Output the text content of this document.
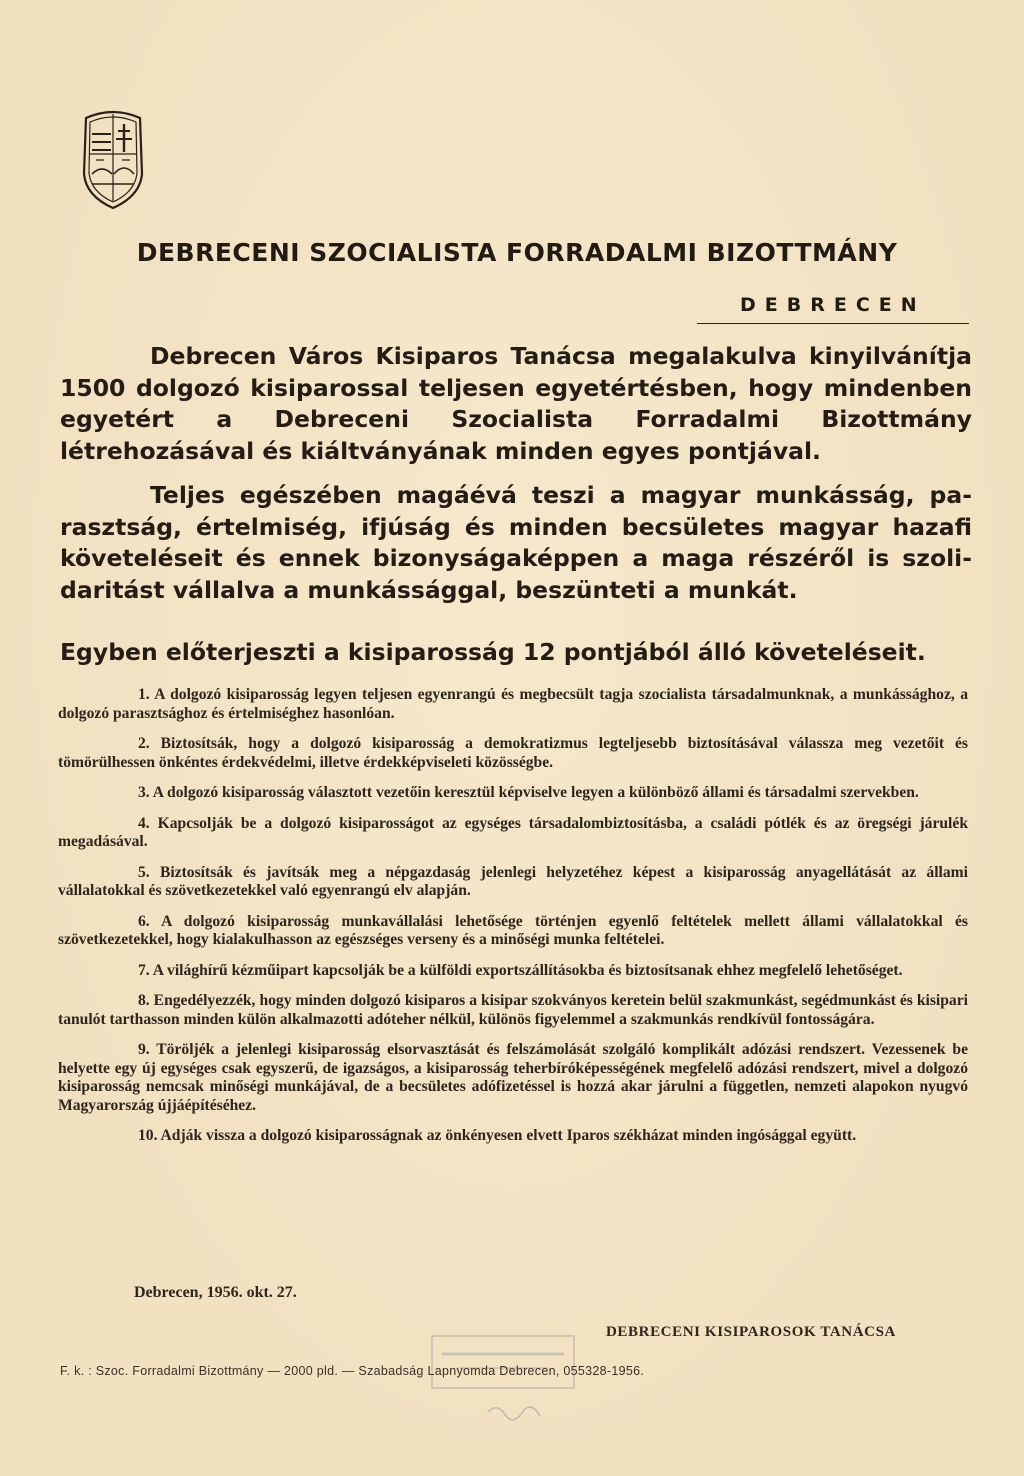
DEBRECENI SZOCIALISTA FORRADALMI BIZOTTMÁNY
DEBRECEN

Debrecen Város Kisiparos Tanácsa megalakulva kinyilvánítja 1500 dolgozó kisiparossal teljesen egyetértésben, hogy mindenben egyetért a Debreceni Szocialista Forradalmi Bizottmány létrehozásával és kiáltványának minden egyes pontjával.

Teljes egészében magáévá teszi a magyar munkásság, parasztság, értelmiség, ifjúság és minden becsületes magyar hazafi követeléseit és ennek bizonyságaképpen a maga részéről is szolidaritást vállalva a munkássággal, beszünteti a munkát.

Egyben előterjeszti a kisiparosság 12 pontjából álló követeléseit.

1. A dolgozó kisiparosság legyen teljesen egyenrangú és megbecsült tagja szocialista társadalmunknak, a munkássághoz, a dolgozó parasztsághoz és értelmiséghez hasonlóan.

2. Biztosítsák, hogy a dolgozó kisiparosság a demokratizmus legteljesebb biztosításával válassza meg vezetőit és tömörülhessen önkéntes érdekvédelmi, illetve érdekképviseleti közösségbe.

3. A dolgozó kisiparosság választott vezetőin keresztül képviselve legyen a különböző állami és társadalmi szervekben.

4. Kapcsolják be a dolgozó kisiparosságot az egységes társadalombiztosításba, a családi pótlék és az öregségi járulék megadásával.

5. Biztosítsák és javítsák meg a népgazdaság jelenlegi helyzetéhez képest a kisiparosság anyagellátását az állami vállalatokkal és szövetkezetekkel való egyenrangú elv alapján.

6. A dolgozó kisiparosság munkavállalási lehetősége történjen egyenlő feltételek mellett állami vállalatokkal és szövetkezetekkel, hogy kialakulhasson az egészséges verseny és a minőségi munka feltételei.

7. A világhírű kézműipart kapcsolják be a külföldi exportszállításokba és biztosítsanak ehhez megfelelő lehetőséget.

8. Engedélyezzék, hogy minden dolgozó kisiparos a kisipar szokványos keretein belül szakmunkást, segédmunkást és kisipari tanulót tarthasson minden külön alkalmazotti adóteher nélkül, különös figyelemmel a szakmunkás rendkívül fontosságára.

9. Töröljék a jelenlegi kisiparosság elsorvasztását és felszámolását szolgáló komplikált adózási rendszert. Vezessenek be helyette egy új egységes csak egyszerű, de igazságos, a kisiparosság teherbíróképességének megfelelő adózási rendszert, mivel a dolgozó kisiparosság nemcsak minőségi munkájával, de a becsületes adófizetéssel is hozzá akar járulni a független, nemzeti alapokon nyugvó Magyarország újjáépítéséhez.

10. Adják vissza a dolgozó kisiparosságnak az önkényesen elvett Iparos székházat minden ingósággal együtt.

Debrecen, 1956. okt. 27.
DEBRECENI KISIPAROSOK TANÁCSA
F. k. : Szoc. Forradalmi Bizottmány — 2000 pld. — Szabadság Lapnyomda Debrecen, 055328-1956.
